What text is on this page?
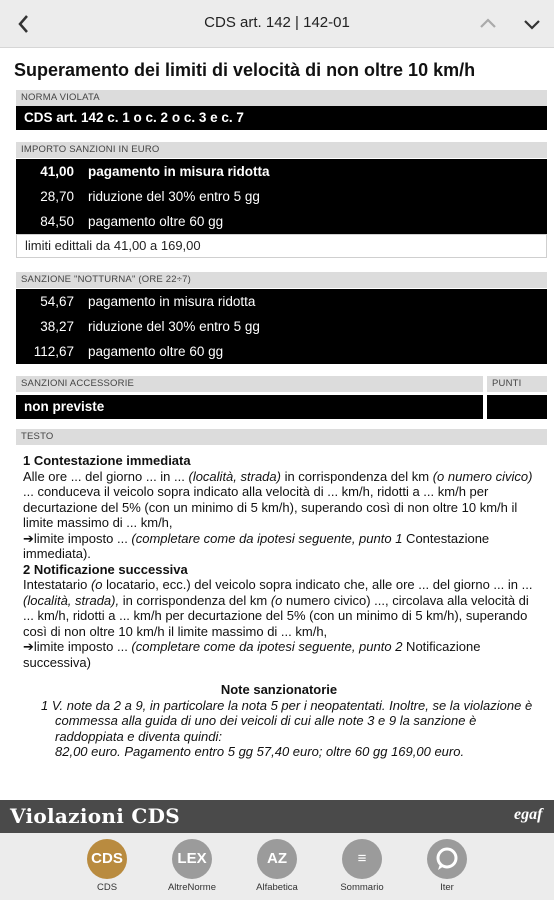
CDS art. 142 | 142-01
Superamento dei limiti di velocità di non oltre 10 km/h
NORMA VIOLATA
CDS art. 142 c. 1 o c. 2 o c. 3 e c. 7
IMPORTO SANZIONI IN EURO
41,00 pagamento in misura ridotta
28,70 riduzione del 30% entro 5 gg
84,50 pagamento oltre 60 gg
limiti edittali da 41,00 a 169,00
SANZIONE "NOTTURNA" (ORE 22÷7)
54,67 pagamento in misura ridotta
38,27 riduzione del 30% entro 5 gg
112,67 pagamento oltre 60 gg
SANZIONI ACCESSORIE	PUNTI
non previste
TESTO
1 Contestazione immediata
Alle ore ... del giorno ... in ... (località, strada) in corrispondenza del km (o numero civico) ... conduceva il veicolo sopra indicato alla velocità di ... km/h, ridotti a ... km/h per decurtazione del 5% (con un minimo di 5 km/h), superando così di non oltre 10 km/h il limite massimo di ... km/h,
➔limite imposto ... (completare come da ipotesi seguente, punto 1 Contestazione immediata).
2 Notificazione successiva
Intestatario (o locatario, ecc.) del veicolo sopra indicato che, alle ore ... del giorno ... in ... (località, strada), in corrispondenza del km (o numero civico) ..., circolava alla velocità di ... km/h, ridotti a ... km/h per decurtazione del 5% (con un minimo di 5 km/h), superando così di non oltre 10 km/h il limite massimo di ... km/h,
➔limite imposto ... (completare come da ipotesi seguente, punto 2 Notificazione successiva)
Note sanzionatorie
1 V. note da 2 a 9, in particolare la nota 5 per i neopatentati. Inoltre, se la violazione è commessa alla guida di uno dei veicoli di cui alle note 3 e 9 la sanzione è raddoppiata e diventa quindi:
82,00 euro. Pagamento entro 5 gg 57,40 euro; oltre 60 gg 169,00 euro.
Violazioni CDS	egaf
CDS
CDS
LEX
AltreNorme
AZ
Alfabetica
≡
Sommario	Iter
